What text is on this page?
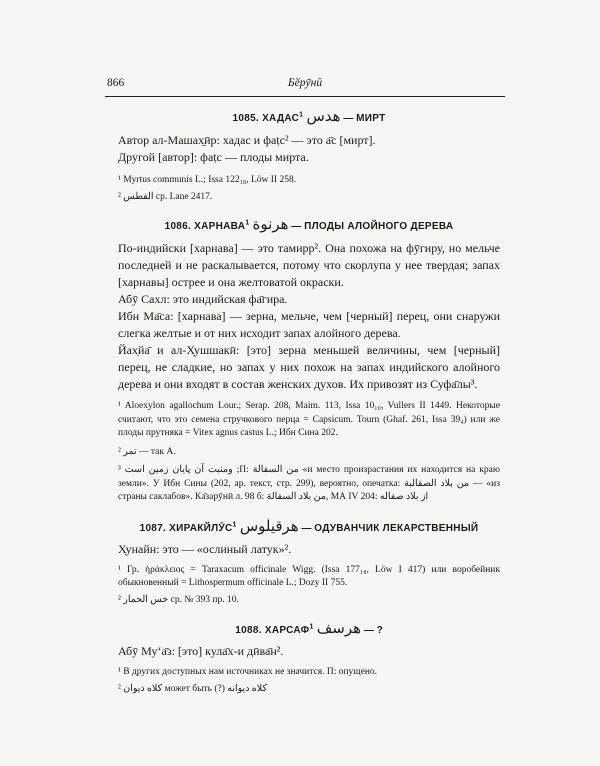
866	Бӗрӯнӣ
1085. ХАДАС$^1$ هدس — МИРТ

Автор ал-Машах̱ӣр: хадас и фаṭс² — это а̄с [мирт].

Другой [автор]: фаṭс — плоды мирта.

¹ Myrtus communis L.; Issa 122₁₈, Löw II 258.

² الفطس ср. Lane 2417.

1086. ХАРНАВА$^1$ هرنوة — ПЛОДЫ АЛОЙНОГО ДЕРЕВА

По-индийски [харнава] — это тамирр². Она похожа на фӯгиру, но мельче последней и не раскалывается, потому что скорлупа у нее твердая; запах [харнавы] острее и она желтоватой окраски.

Абӯ Сахл: это индийская фа̄гира.

Ибн Ма̄са: [харнава] — зерна, мельче, чем [черный] перец, они снаружи слегка желтые и от них исходит запах алойного дерева.

Йах̣йа̄ и ал-Х̣ушшакӣ: [это] зерна меньшей величины, чем [черный] перец, не сладкие, но запах у них похож на запах индийского алойного дерева и они входят в состав женских духов. Их привозят из Суфа̄лы³.

¹ Aloexylon agallochum Lour.; Serap. 208, Maim. 113, Issa 10₁₀, Vullers II 1449. Некоторые считают, что это семена стручкового перца = Capsicum. Tourn (Ghaf. 261, Issa 39₄) или же плоды прутняка = Vitex agnus castus L.; Ибн Сина 202.

² تمر — так A.

³ ومنبت آن پایان زمین است ;П: من السفالة «и место произрастания их находится на краю земли». У Ибн Сины (202, ар. текст, стр. 299), вероятно, опечатка: من بلاد الصقالبة — «из страны саклабов». Ка̄зарӯнӣ л. 98 б: من بلاد السفالة, МА IV 204: از بلاد صفاله

1087. ХИРАКЙЛӮС$^1$ هرقيلوس — ОДУВАНЧИК ЛЕКАРСТВЕННЫЙ

Х̣унайн: это — «ослиный латук»².

¹ Гр. ἡράκλειος = Taraxacum officinale Wigg. (Issa 177₁₈, Löw I 417) или воробейник обыкновенный = Lithospermum officinale L.; Dozy II 755.

² خس الحمار ср. № 393 пр. 10.

1088. ХАРСАФ$^1$ هرسف — ?

Абӯ Му‘а̄з: [это] кула̄х-и дӣва̄н².

¹ В других доступных нам источниках не значится. П: опущено.

² كلاه ديوان может быть (?) كلاه ديوانه
